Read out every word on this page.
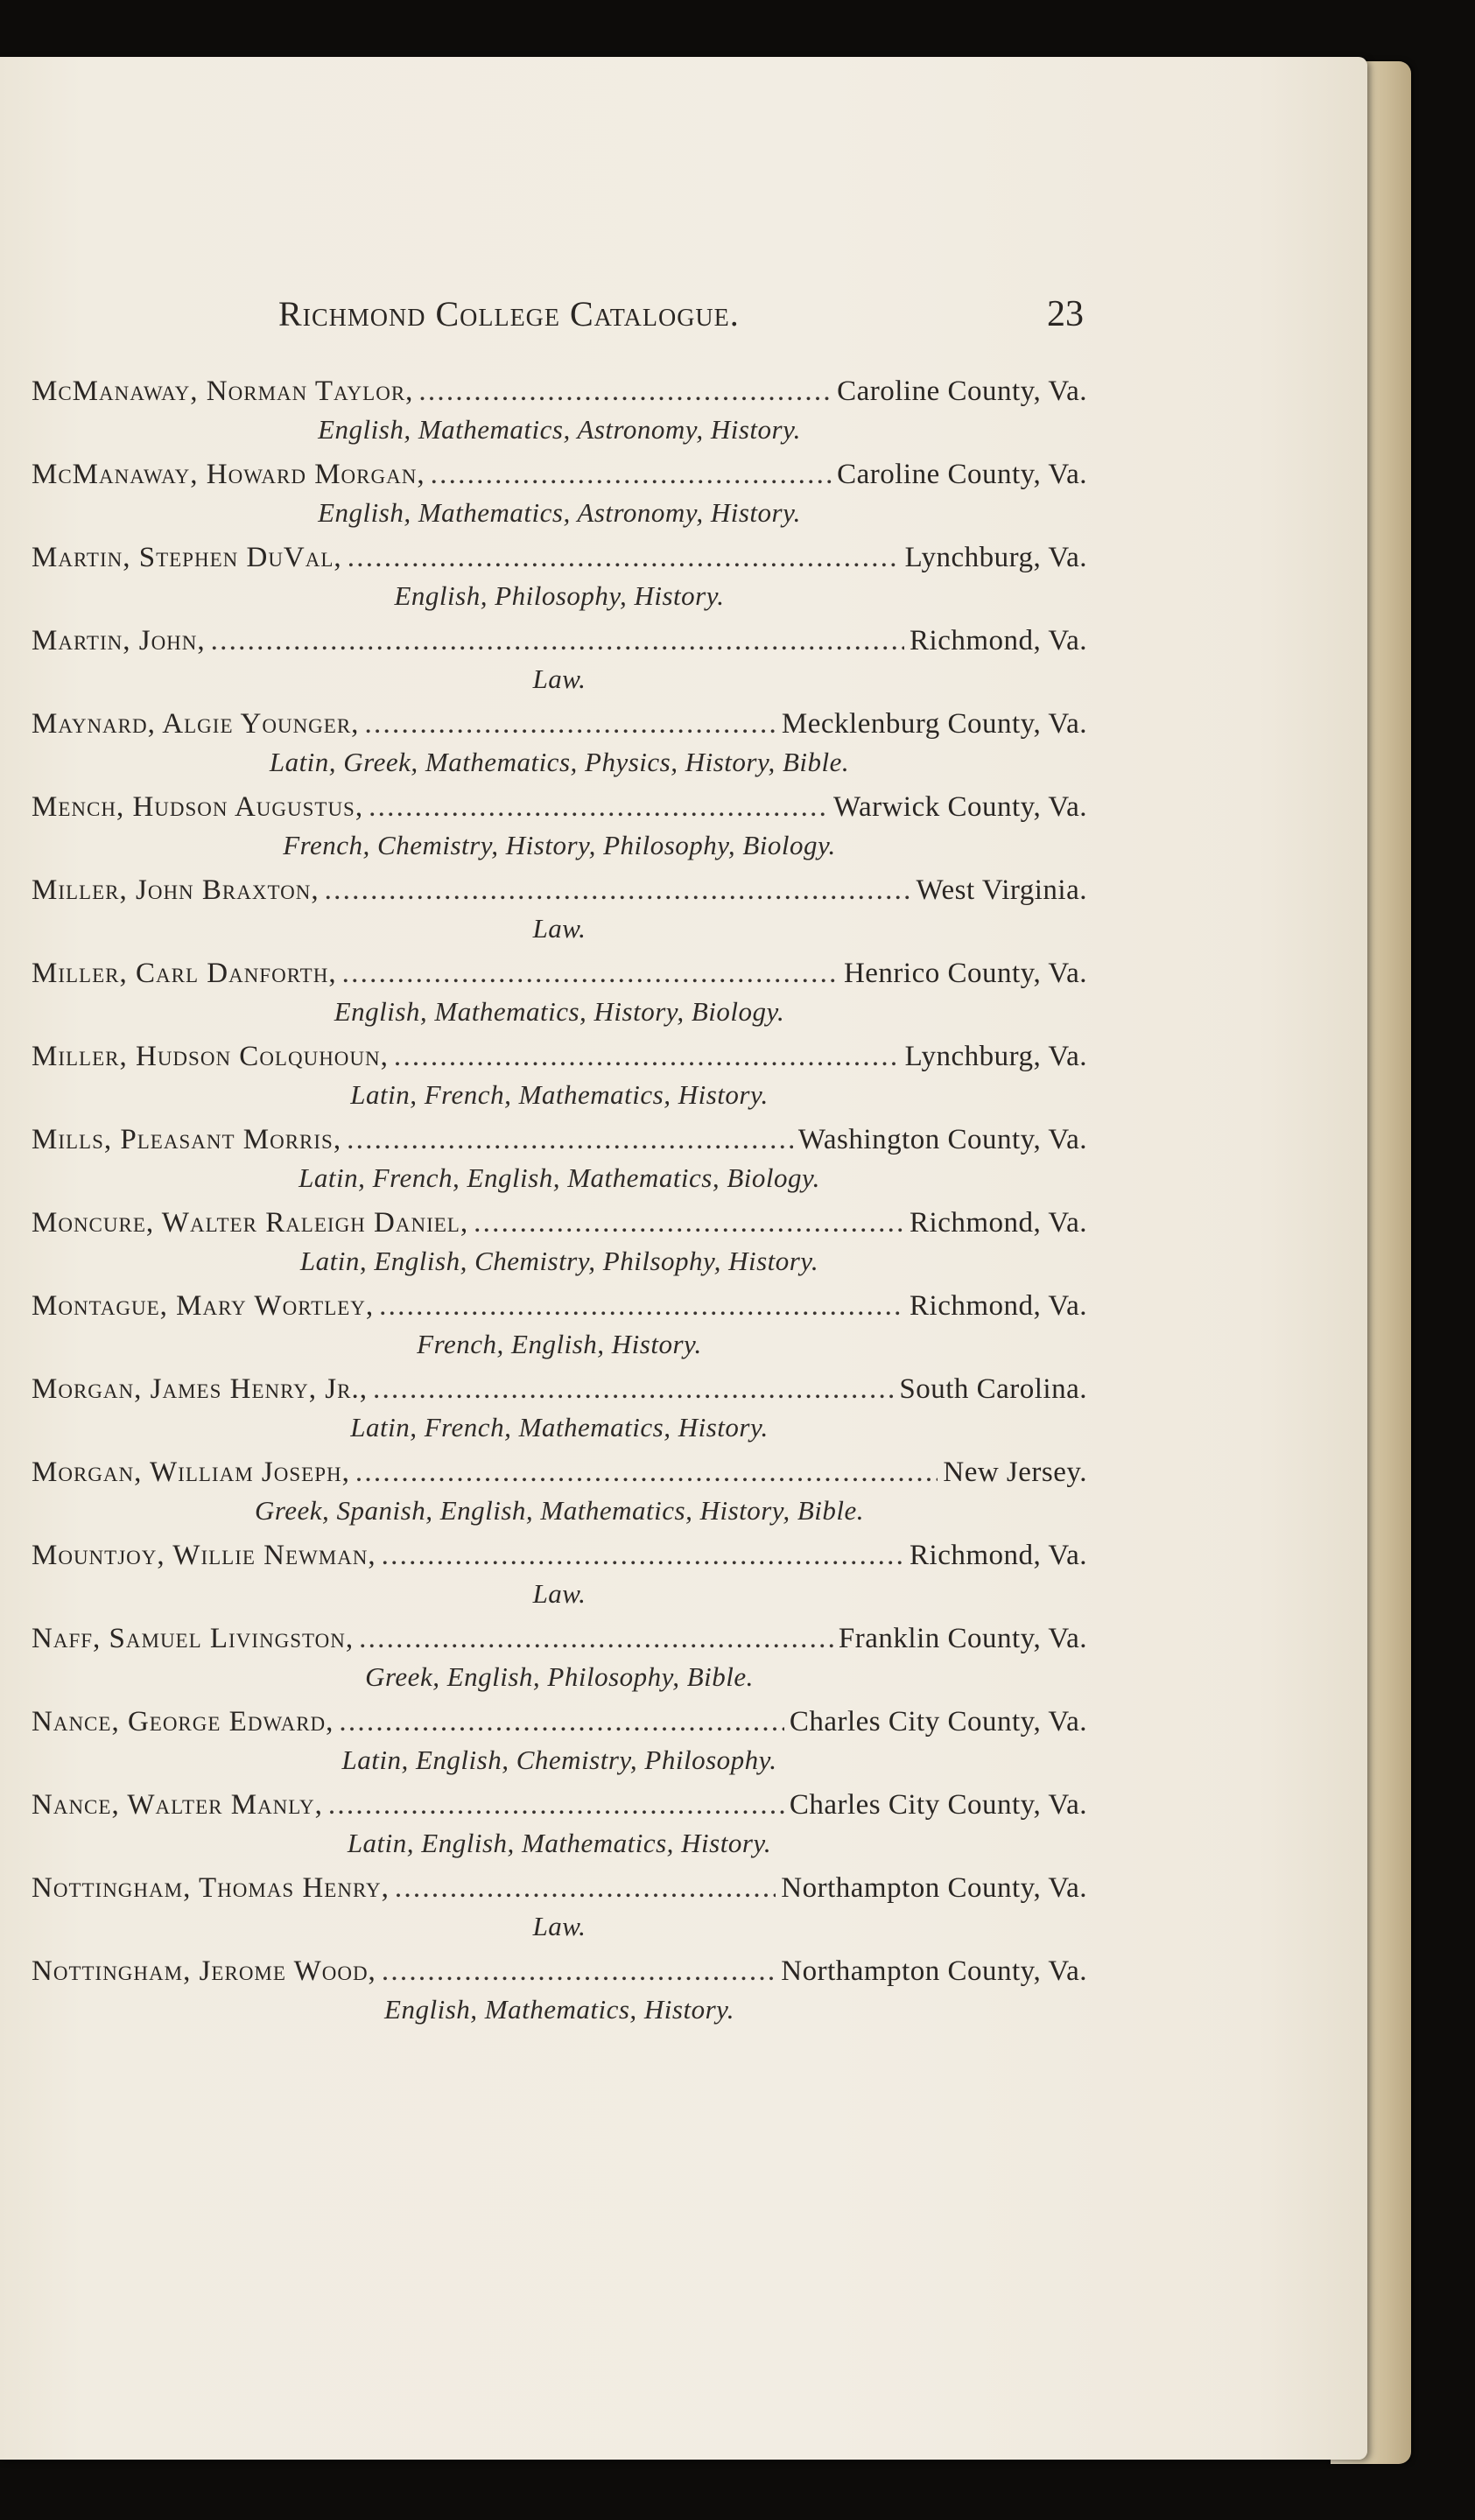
Richmond College Catalogue.	23
McManaway, Norman Taylor, . . .	Caroline County, Va.
English, Mathematics, Astronomy, History.
McManaway, Howard Morgan, . . .	Caroline County, Va.
English, Mathematics, Astronomy, History.
Martin, Stephen DuVal, . . .	Lynchburg, Va.
English, Philosophy, History.
Martin, John, . . .	Richmond, Va.
Law.
Maynard, Algie Younger, . . .	Mecklenburg County, Va.
Latin, Greek, Mathematics, Physics, History, Bible.
Mench, Hudson Augustus, . . .	Warwick County, Va.
French, Chemistry, History, Philosophy, Biology.
Miller, John Braxton, . . .	West Virginia.
Law.
Miller, Carl Danforth, . . .	Henrico County, Va.
English, Mathematics, History, Biology.
Miller, Hudson Colquhoun, . . .	Lynchburg, Va.
Latin, French, Mathematics, History.
Mills, Pleasant Morris, . . .	Washington County, Va.
Latin, French, English, Mathematics, Biology.
Moncure, Walter Raleigh Daniel, . . .	Richmond, Va.
Latin, English, Chemistry, Philsophy, History.
Montague, Mary Wortley, . . .	Richmond, Va.
French, English, History.
Morgan, James Henry, Jr., . . .	South Carolina.
Latin, French, Mathematics, History.
Morgan, William Joseph, . . .	New Jersey.
Greek, Spanish, English, Mathematics, History, Bible.
Mountjoy, Willie Newman, . . .	Richmond, Va.
Law.
Naff, Samuel Livingston, . . .	Franklin County, Va.
Greek, English, Philosophy, Bible.
Nance, George Edward, . . .	Charles City County, Va.
Latin, English, Chemistry, Philosophy.
Nance, Walter Manly, . . .	Charles City County, Va.
Latin, English, Mathematics, History.
Nottingham, Thomas Henry, . . .	Northampton County, Va.
Law.
Nottingham, Jerome Wood, . . .	Northampton County, Va.
English, Mathematics, History.
